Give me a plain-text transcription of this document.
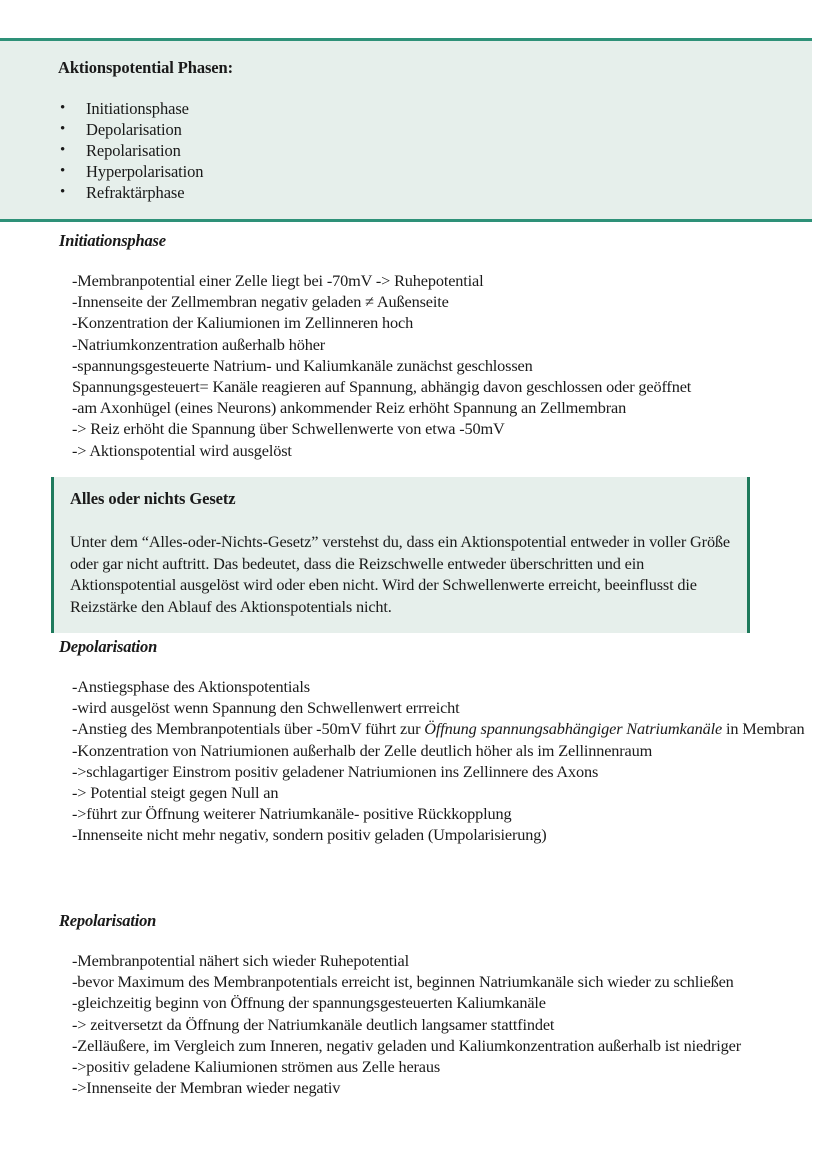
Aktionspotential Phasen:
• Initiationsphase
• Depolarisation
• Repolarisation
• Hyperpolarisation
• Refraktärphase
Initiationsphase
-Membranpotential einer Zelle liegt bei -70mV -> Ruhepotential
-Innenseite der Zellmembran negativ geladen ≠ Außenseite
-Konzentration der Kaliumionen im Zellinneren hoch
-Natriumkonzentration außerhalb höher
-spannungsgesteuerte Natrium- und Kaliumkanäle zunächst geschlossen
Spannungsgesteuert= Kanäle reagieren auf Spannung, abhängig davon geschlossen oder geöffnet
-am Axonhügel (eines Neurons) ankommender Reiz erhöht Spannung an Zellmembran
-> Reiz erhöht die Spannung über Schwellenwerte von etwa -50mV
-> Aktionspotential wird ausgelöst
Alles oder nichts Gesetz
Unter dem “Alles-oder-Nichts-Gesetz” verstehst du, dass ein Aktionspotential entweder in voller Größe oder gar nicht auftritt. Das bedeutet, dass die Reizschwelle entweder überschritten und ein Aktionspotential ausgelöst wird oder eben nicht. Wird der Schwellenwerte erreicht, beeinflusst die Reizstärke den Ablauf des Aktionspotentials nicht.
Depolarisation
-Anstiegsphase des Aktionspotentials
-wird ausgelöst wenn Spannung den Schwellenwert errreicht
-Anstieg des Membranpotentials über -50mV führt zur Öffnung spannungsabhängiger Natriumkanäle in Membran
-Konzentration von Natriumionen außerhalb der Zelle deutlich höher als im Zellinnenraum
->schlagartiger Einstrom positiv geladener Natriumionen ins Zellinnere des Axons
-> Potential steigt gegen Null an
->führt zur Öffnung weiterer Natriumkanäle- positive Rückkopplung
-Innenseite nicht mehr negativ, sondern positiv geladen (Umpolarisierung)
Repolarisation
-Membranpotential nähert sich wieder Ruhepotential
-bevor Maximum des Membranpotentials erreicht ist, beginnen Natriumkanäle sich wieder zu schließen
-gleichzeitig beginn von Öffnung der spannungsgesteuerten Kaliumkanäle
-> zeitversetzt da Öffnung der Natriumkanäle deutlich langsamer stattfindet
-Zelläußere, im Vergleich zum Inneren, negativ geladen und Kaliumkonzentration außerhalb ist niedriger
->positiv geladene Kaliumionen strömen aus Zelle heraus
->Innenseite der Membran wieder negativ
